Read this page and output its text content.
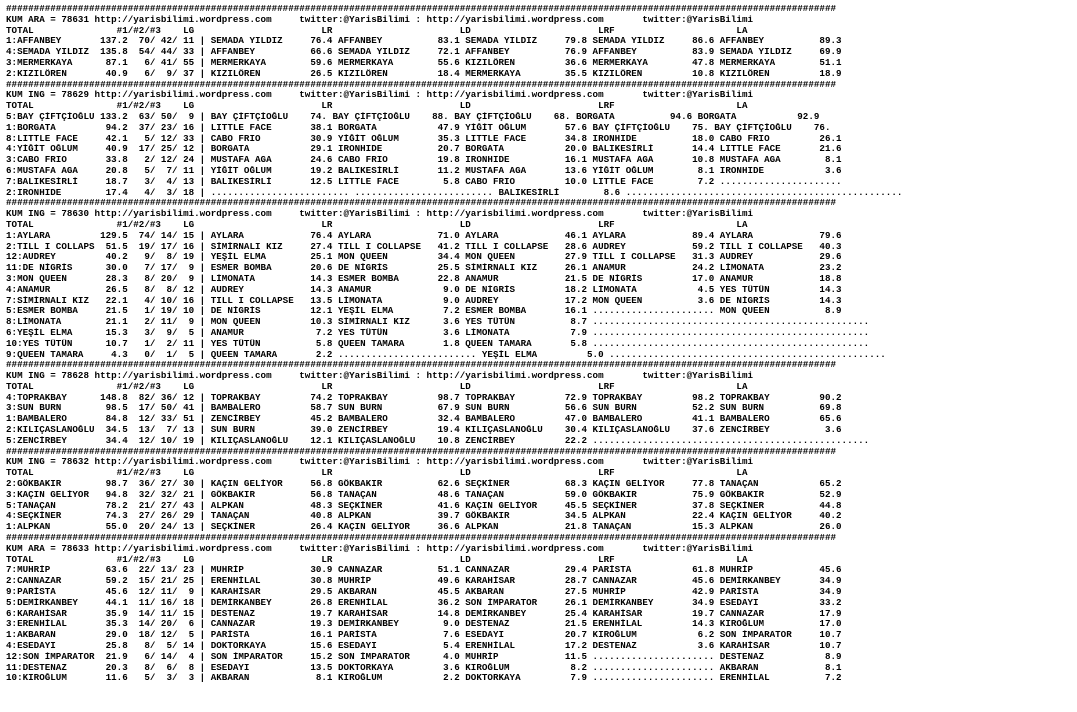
######################################################################################################################################################
KUM ARA = 78631 http://yarisbilimi.wordpress.com     twitter:@YarisBilimi : http://yarisbilimi.wordpress.com       twitter:@YarisBilimi
TOTAL               #1/#2/#3    LG                       LR                       LD                       LRF                      LA
1:AFFANBEY       137.2  70/ 42/ 11 | SEMADA YILDIZ     76.4 AFFANBEY          83.1 SEMADA YILDIZ     79.8 SEMADA YILDIZ     86.6 AFFANBEY          89.3
4:SEMADA YILDIZ  135.8  54/ 44/ 33 | AFFANBEY          66.6 SEMADA YILDIZ     72.1 AFFANBEY          76.9 AFFANBEY          83.9 SEMADA YILDIZ     69.9
3:MERMERKAYA      87.1   6/ 41/ 55 | MERMERKAYA        59.6 MERMERKAYA        55.6 KIZILÖREN         36.6 MERMERKAYA        47.8 MERMERKAYA        51.1
2:KIZILÖREN       40.9   6/  9/ 37 | KIZILÖREN         26.5 KIZILÖREN         18.4 MERMERKAYA        35.5 KIZILÖREN         10.8 KIZILÖREN         18.9
######################################################################################################################################################
KUM ING = 78629 http://yarisbilimi.wordpress.com     twitter:@YarisBilimi : http://yarisbilimi.wordpress.com       twitter:@YarisBilimi
TOTAL               #1/#2/#3    LG                       LR                       LD                       LRF                      LA
5:BAY ÇİFTÇİOĞLU 133.2  63/ 50/  9 | BAY ÇİFTÇİOĞLU    74. BAY ÇİFTÇİOĞLU    88. BAY ÇİFTÇİOĞLU    68. BORGATA          94.6 BORGATA           92.9
1:BORGATA         94.2  37/ 23/ 16 | LITTLE FACE       38.1 BORGATA           47.9 YİĞİT OĞLUM       57.6 BAY ÇİFTÇİOĞLU    75. BAY ÇİFTÇİOĞLU    76.
8:LITTLE FACE     42.1   5/ 12/ 33 | CABO FRIO         30.9 YİĞİT OĞLUM       35.3 LITTLE FACE       34.8 IRONHIDE          18.0 CABO FRIO         26.1
4:YİĞİT OĞLUM     40.9  17/ 25/ 12 | BORGATA           29.1 IRONHIDE          20.7 BORGATA           20.0 BALIKESİRLİ       14.4 LITTLE FACE       21.6
3:CABO FRIO       33.8   2/ 12/ 24 | MUSTAFA AGA       24.6 CABO FRIO         19.8 IRONHIDE          16.1 MUSTAFA AGA       10.8 MUSTAFA AGA        8.1
6:MUSTAFA AGA     20.8   5/  7/ 11 | YİĞİT OĞLUM       19.2 BALIKESİRLİ       11.2 MUSTAFA AGA       13.6 YİĞİT OĞLUM        8.1 IRONHIDE           3.6
7:BALIKESİRLİ     18.7   3/  4/ 13 | BALIKESİRLİ       12.5 LITTLE FACE        5.8 CABO FRIO         10.0 LITTLE FACE        7.2 ......................
2:IRONHIDE        17.4   4/  3/ 18 | ......................... ......................... BALIKESİRLİ        8.6 ..................................................
######################################################################################################################################################
KUM ING = 78630 http://yarisbilimi.wordpress.com     twitter:@YarisBilimi : http://yarisbilimi.wordpress.com       twitter:@YarisBilimi
TOTAL               #1/#2/#3    LG                       LR                       LD                       LRF                      LA
1:AYLARA         129.5  74/ 14/ 15 | AYLARA            76.4 AYLARA            71.0 AYLARA            46.1 AYLARA            89.4 AYLARA            79.6
2:TILL I COLLAPS  51.5  19/ 17/ 16 | SİMİRNALI KIZ     27.4 TILL I COLLAPSE   41.2 TILL I COLLAPSE   28.6 AUDREY            59.2 TILL I COLLAPSE   40.3
12:AUDREY         40.2   9/  8/ 19 | YEŞİL ELMA        25.1 MON QUEEN         34.4 MON QUEEN         27.9 TILL I COLLAPSE   31.3 AUDREY            29.6
11:DE NİGRİS      30.0   7/ 17/  9 | ESMER BOMBA       20.6 DE NİGRİS         25.5 SİMİRNALI KIZ     26.1 ANAMUR            24.2 LİMONATA          23.2
3:MON QUEEN       28.3   8/ 20/  9 | LİMONATA          14.3 ESMER BOMBA       22.8 ANAMUR            21.5 DE NİGRİS         17.0 ANAMUR            18.8
4:ANAMUR          26.5   8/  8/ 12 | AUDREY            14.3 ANAMUR             9.0 DE NİGRİS         18.2 LİMONATA           4.5 YES TÜTÜN         14.3
7:SİMİRNALI KIZ   22.1   4/ 10/ 16 | TILL I COLLAPSE   13.5 LİMONATA           9.0 AUDREY            17.2 MON QUEEN          3.6 DE NİGRİS         14.3
5:ESMER BOMBA     21.5   1/ 19/ 10 | DE NİGRİS         12.1 YEŞİL ELMA         7.2 ESMER BOMBA       16.1 ...................... MON QUEEN          8.9
8:LİMONATA        21.1   2/ 11/  9 | MON QUEEN         10.3 SİMİRNALI KIZ      3.6 YES TÜTÜN          8.7 ..................................................
6:YEŞİL ELMA      15.3   3/  9/  5 | ANAMUR             7.2 YES TÜTÜN          3.6 LİMONATA           7.9 ..................................................
10:YES TÜTÜN      10.7   1/  2/ 11 | YES TÜTÜN          5.8 QUEEN TAMARA       1.8 QUEEN TAMARA       5.8 ..................................................
9:QUEEN TAMARA     4.3   0/  1/  5 | QUEEN TAMARA       2.2 ......................... YEŞİL ELMA         5.0 ..................................................
######################################################################################################################################################
KUM ING = 78628 http://yarisbilimi.wordpress.com     twitter:@YarisBilimi : http://yarisbilimi.wordpress.com       twitter:@YarisBilimi
TOTAL               #1/#2/#3    LG                       LR                       LD                       LRF                      LA
4:TOPRAKBAY      148.8  82/ 36/ 12 | TOPRAKBAY         74.2 TOPRAKBAY         98.7 TOPRAKBAY         72.9 TOPRAKBAY         98.2 TOPRAKBAY         90.2
3:SUN BURN        98.5  17/ 50/ 41 | BAMBALERO         58.7 SUN BURN          67.9 SUN BURN          56.6 SUN BURN          52.2 SUN BURN          69.8
1:BAMBALERO       84.8  12/ 33/ 51 | ZENCİRBEY         45.2 BAMBALERO         32.4 BAMBALERO         47.0 BAMBALERO         41.1 BAMBALERO         65.6
2:KILIÇASLANOĞLU  34.5  13/  7/ 13 | SUN BURN          39.0 ZENCİRBEY         19.4 KILIÇASLANOĞLU    30.4 KILIÇASLANOĞLU    37.6 ZENCİRBEY          3.6
5:ZENCİRBEY       34.4  12/ 10/ 19 | KILIÇASLANOĞLU    12.1 KILIÇASLANOĞLU    10.8 ZENCİRBEY         22.2 ..................................................
######################################################################################################################################################
KUM ING = 78632 http://yarisbilimi.wordpress.com     twitter:@YarisBilimi : http://yarisbilimi.wordpress.com       twitter:@YarisBilimi
TOTAL               #1/#2/#3    LG                       LR                       LD                       LRF                      LA
2:GÖKBAKIR        98.7  36/ 27/ 30 | KAÇIN GELİYOR     56.8 GÖKBAKIR          62.6 SEÇKİNER          68.3 KAÇIN GELİYOR     77.8 TANAÇAN           65.2
3:KAÇIN GELİYOR   94.8  32/ 32/ 21 | GÖKBAKIR          56.8 TANAÇAN           48.6 TANAÇAN           59.0 GÖKBAKIR          75.9 GÖKBAKIR          52.9
5:TANAÇAN         78.2  21/ 27/ 43 | ALPKAN            48.3 SEÇKİNER          41.6 KAÇIN GELİYOR     45.5 SEÇKİNER          37.8 SEÇKİNER          44.8
4:SEÇKİNER        74.3  27/ 26/ 29 | TANAÇAN           40.8 ALPKAN            39.7 GÖKBAKIR          34.5 ALPKAN            22.4 KAÇIN GELİYOR     40.2
1:ALPKAN          55.0  20/ 24/ 13 | SEÇKİNER          26.4 KAÇIN GELİYOR     36.6 ALPKAN            21.8 TANAÇAN           15.3 ALPKAN            26.0
######################################################################################################################################################
KUM ARA = 78633 http://yarisbilimi.wordpress.com     twitter:@YarisBilimi : http://yarisbilimi.wordpress.com       twitter:@YarisBilimi
TOTAL               #1/#2/#3    LG                       LR                       LD                       LRF                      LA
7:MUHRİP          63.6  22/ 13/ 23 | MUHRİP            30.9 CANNAZAR          51.1 CANNAZAR          29.4 PARİSTA           61.8 MUHRİP            45.6
2:CANNAZAR        59.2  15/ 21/ 25 | ERENHİLAL         30.8 MUHRİP            49.6 KARAHİSAR         28.7 CANNAZAR          45.6 DEMİRKANBEY       34.9
9:PARİSTA         45.6  12/ 11/  9 | KARAHİSAR         29.5 AKBARAN           45.5 AKBARAN           27.5 MUHRİP            42.9 PARİSTA           34.9
5:DEMİRKANBEY     44.1  11/ 16/ 18 | DEMİRKANBEY       26.8 ERENHİLAL         36.2 SON İMPARATOR     26.1 DEMİRKANBEY       34.9 ESEDAYI           33.2
6:KARAHİSAR       35.9  14/ 11/ 15 | DESTENAZ          19.7 KARAHİSAR         14.8 DEMİRKANBEY       25.4 KARAHİSAR         19.7 CANNAZAR          17.9
3:ERENHİLAL       35.3  14/ 20/  6 | CANNAZAR          19.3 DEMİRKANBEY        9.0 DESTENAZ          21.5 ERENHİLAL         14.3 KIROĞLUM          17.0
1:AKBARAN         29.0  18/ 12/  5 | PARİSTA           16.1 PARİSTA            7.6 ESEDAYI           20.7 KIROĞLUM           6.2 SON İMPARATOR     10.7
4:ESEDAYI         25.8   8/  5/ 14 | DOKTORKAYA        15.6 ESEDAYI            5.4 ERENHİLAL         17.2 DESTENAZ           3.6 KARAHİSAR         10.7
12:SON İMPARATOR  21.9   6/ 14/  4 | SON İMPARATOR     15.2 SON İMPARATOR      4.0 MUHRİP            11.5 ...................... DESTENAZ           8.9
11:DESTENAZ       20.3   8/  6/  8 | ESEDAYI           13.5 DOKTORKAYA         3.6 KIROĞLUM           8.2 ...................... AKBARAN            8.1
10:KIROĞLUM       11.6   5/  3/  3 | AKBARAN            8.1 KIROĞLUM           2.2 DOKTORKAYA         7.9 ...................... ERENHİLAL          7.2
